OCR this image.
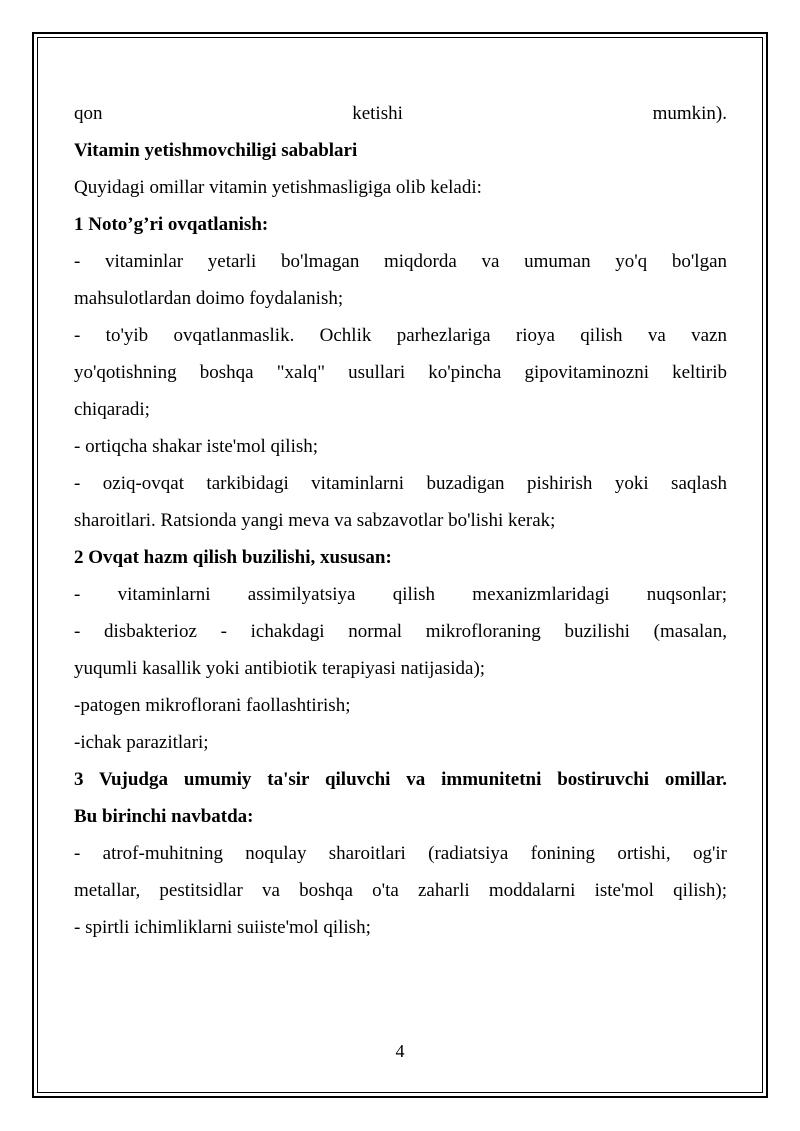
qon ketishi mumkin).
Vitamin yetishmovchiligi sabablari
Quyidagi omillar vitamin yetishmasligiga olib keladi:
1 Noto’g’ri ovqatlanish:
- vitaminlar yetarli bo'lmagan miqdorda va umuman yo'q bo'lgan
mahsulotlardan doimo foydalanish;
- to'yib ovqatlanmaslik. Ochlik parhezlariga rioya qilish va vazn
yo'qotishning boshqa "xalq" usullari ko'pincha gipovitaminozni keltirib
chiqaradi;
- ortiqcha shakar iste'mol qilish;
- oziq-ovqat tarkibidagi vitaminlarni buzadigan pishirish yoki saqlash
sharoitlari. Ratsionda yangi meva va sabzavotlar bo'lishi kerak;
2 Ovqat hazm qilish buzilishi, xususan:
- vitaminlarni assimilyatsiya qilish mexanizmlaridagi nuqsonlar;
- disbakterioz - ichakdagi normal mikrofloraning buzilishi (masalan,
yuqumli kasallik yoki antibiotik terapiyasi natijasida);
-patogen mikroflorani faollashtirish;
-ichak parazitlari;
3 Vujudga umumiy ta'sir qiluvchi va immunitetni bostiruvchi omillar.
Bu birinchi navbatda:
- atrof-muhitning noqulay sharoitlari (radiatsiya fonining ortishi, og'ir
metallar, pestitsidlar va boshqa o'ta zaharli moddalarni iste'mol qilish);
- spirtli ichimliklarni suiiste'mol qilish;
4
